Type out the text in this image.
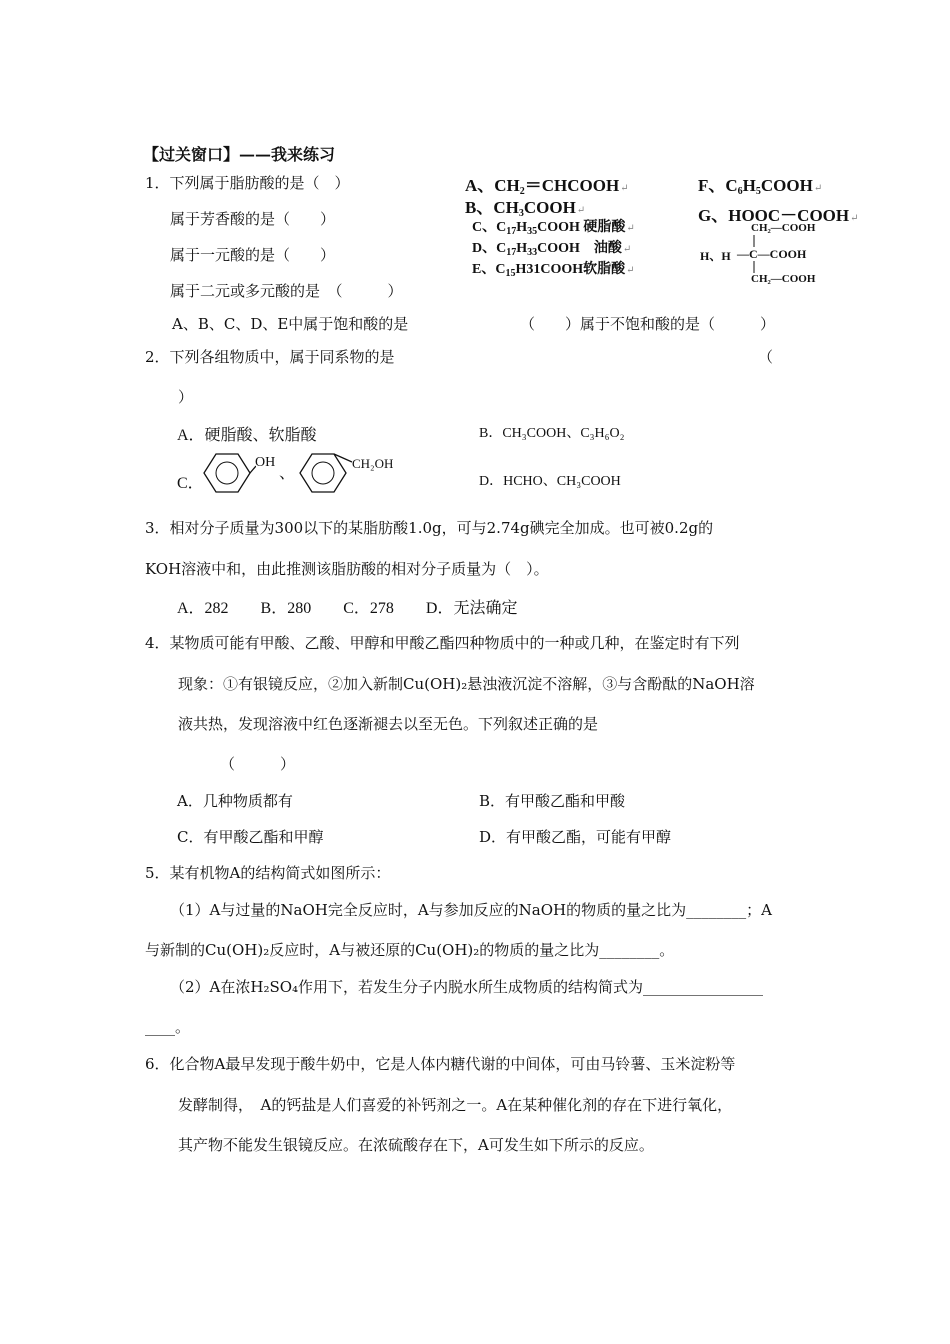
【过关窗口】——我来练习
1．下列属于脂肪酸的是（　）
属于芳香酸的是（　　）
属于一元酸的是（　　）
属于二元或多元酸的是　（　　　）
A、B、C、D、E中属于饱和酸的是	（　　）属于不饱和酸的是（　　　）
A、$CH_2=CHCOOH↵$
B、$CH_3COOH↵$
C、$C_{17}H_{35}COOH$ 硬脂酸↵
D、$C_{17}H_{33}COOH$　油酸↵
E、$C_{15}H31COOH$软脂酸↵
F、$C_6H_5COOH↵$
G、HOOC－COOH↵
CH₂—COOH
H、H —C—COOH
CH₂—COOH
2．下列各组物质中，属于同系物的是	（
）
A．硬脂酸、软脂酸	B．CH₃COOH、C₃H₆O₂
C．
OH
、
CH₂OH
D．HCHO、CH₃COOH
3．相对分子质量为300以下的某脂肪酸1.0g，可与2.74g碘完全加成。也可被0.2g的
KOH溶液中和，由此推测该脂肪酸的相对分子质量为（　）。
A．282　　B．280　　C．278　　D．无法确定
4．某物质可能有甲酸、乙酸、甲醇和甲酸乙酯四种物质中的一种或几种，在鉴定时有下列
现象：①有银镜反应，②加入新制Cu(OH)₂悬浊液沉淀不溶解，③与含酚酞的NaOH溶
液共热，发现溶液中红色逐渐褪去以至无色。下列叙述正确的是
（　　　）
A．几种物质都有	B．有甲酸乙酯和甲酸
C．有甲酸乙酯和甲醇	D．有甲酸乙酯，可能有甲醇
5．某有机物A的结构简式如图所示：
（1）A与过量的NaOH完全反应时，A与参加反应的NaOH的物质的量之比为________；A
与新制的Cu(OH)₂反应时，A与被还原的Cu(OH)₂的物质的量之比为________。
（2）A在浓H₂SO₄作用下，若发生分子内脱水所生成物质的结构简式为________________
____。
6．化合物A最早发现于酸牛奶中，它是人体内糖代谢的中间体，可由马铃薯、玉米淀粉等
发酵制得，　A的钙盐是人们喜爱的补钙剂之一。A在某种催化剂的存在下进行氧化，
其产物不能发生银镜反应。在浓硫酸存在下，A可发生如下所示的反应。
